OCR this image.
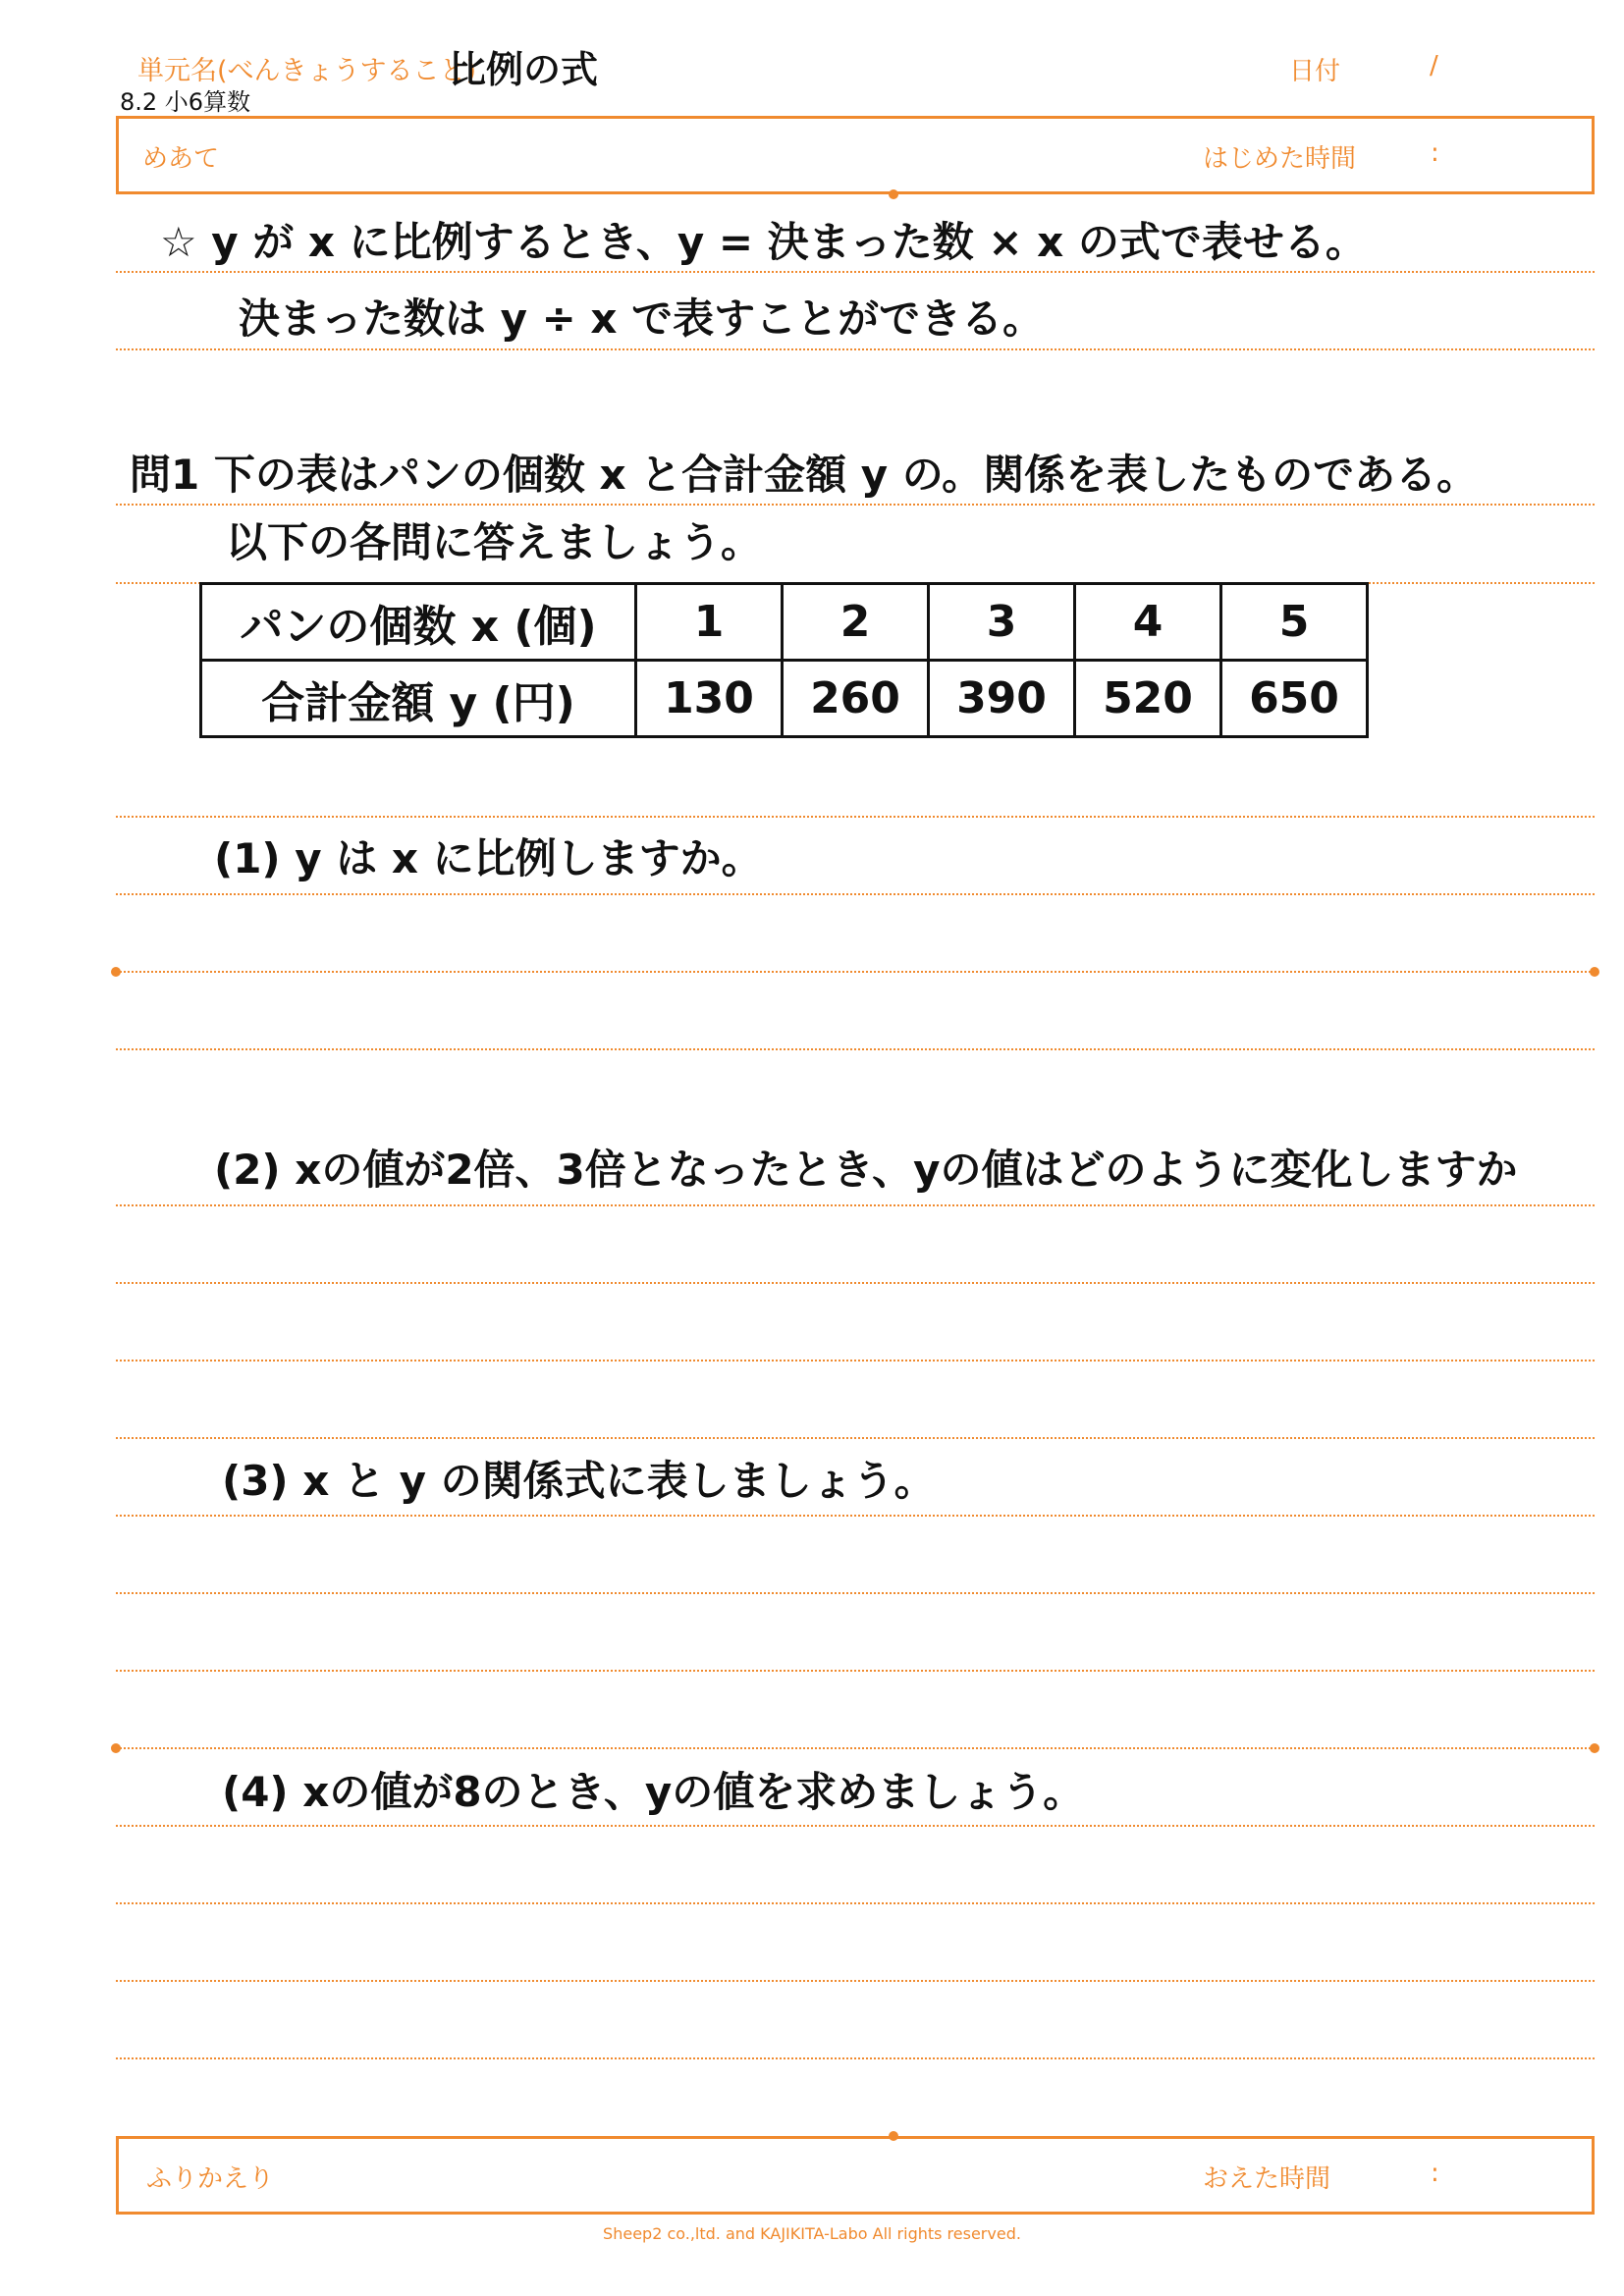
単元名(べんきょうすること)
比例の式	日付	/
8.2 小6算数
めあて	はじめた時間	:
☆ y が x に比例するとき、y = 決まった数 × x の式で表せる。
決まった数は y ÷ x で表すことができる。
問1 下の表はパンの個数 x と合計金額 y の。関係を表したものである。
以下の各問に答えましょう。
パンの個数 x (個)	1	2	3	4	5
合計金額 y (円)	130	260	390	520	650
(1) y は x に比例しますか。
(2) xの値が2倍、3倍となったとき、yの値はどのように変化しますか
(3) x と y の関係式に表しましょう。
(4) xの値が8のとき、yの値を求めましょう。
ふりかえり	おえた時間	:
Sheep2 co.,ltd. and KAJIKITA-Labo All rights reserved.
